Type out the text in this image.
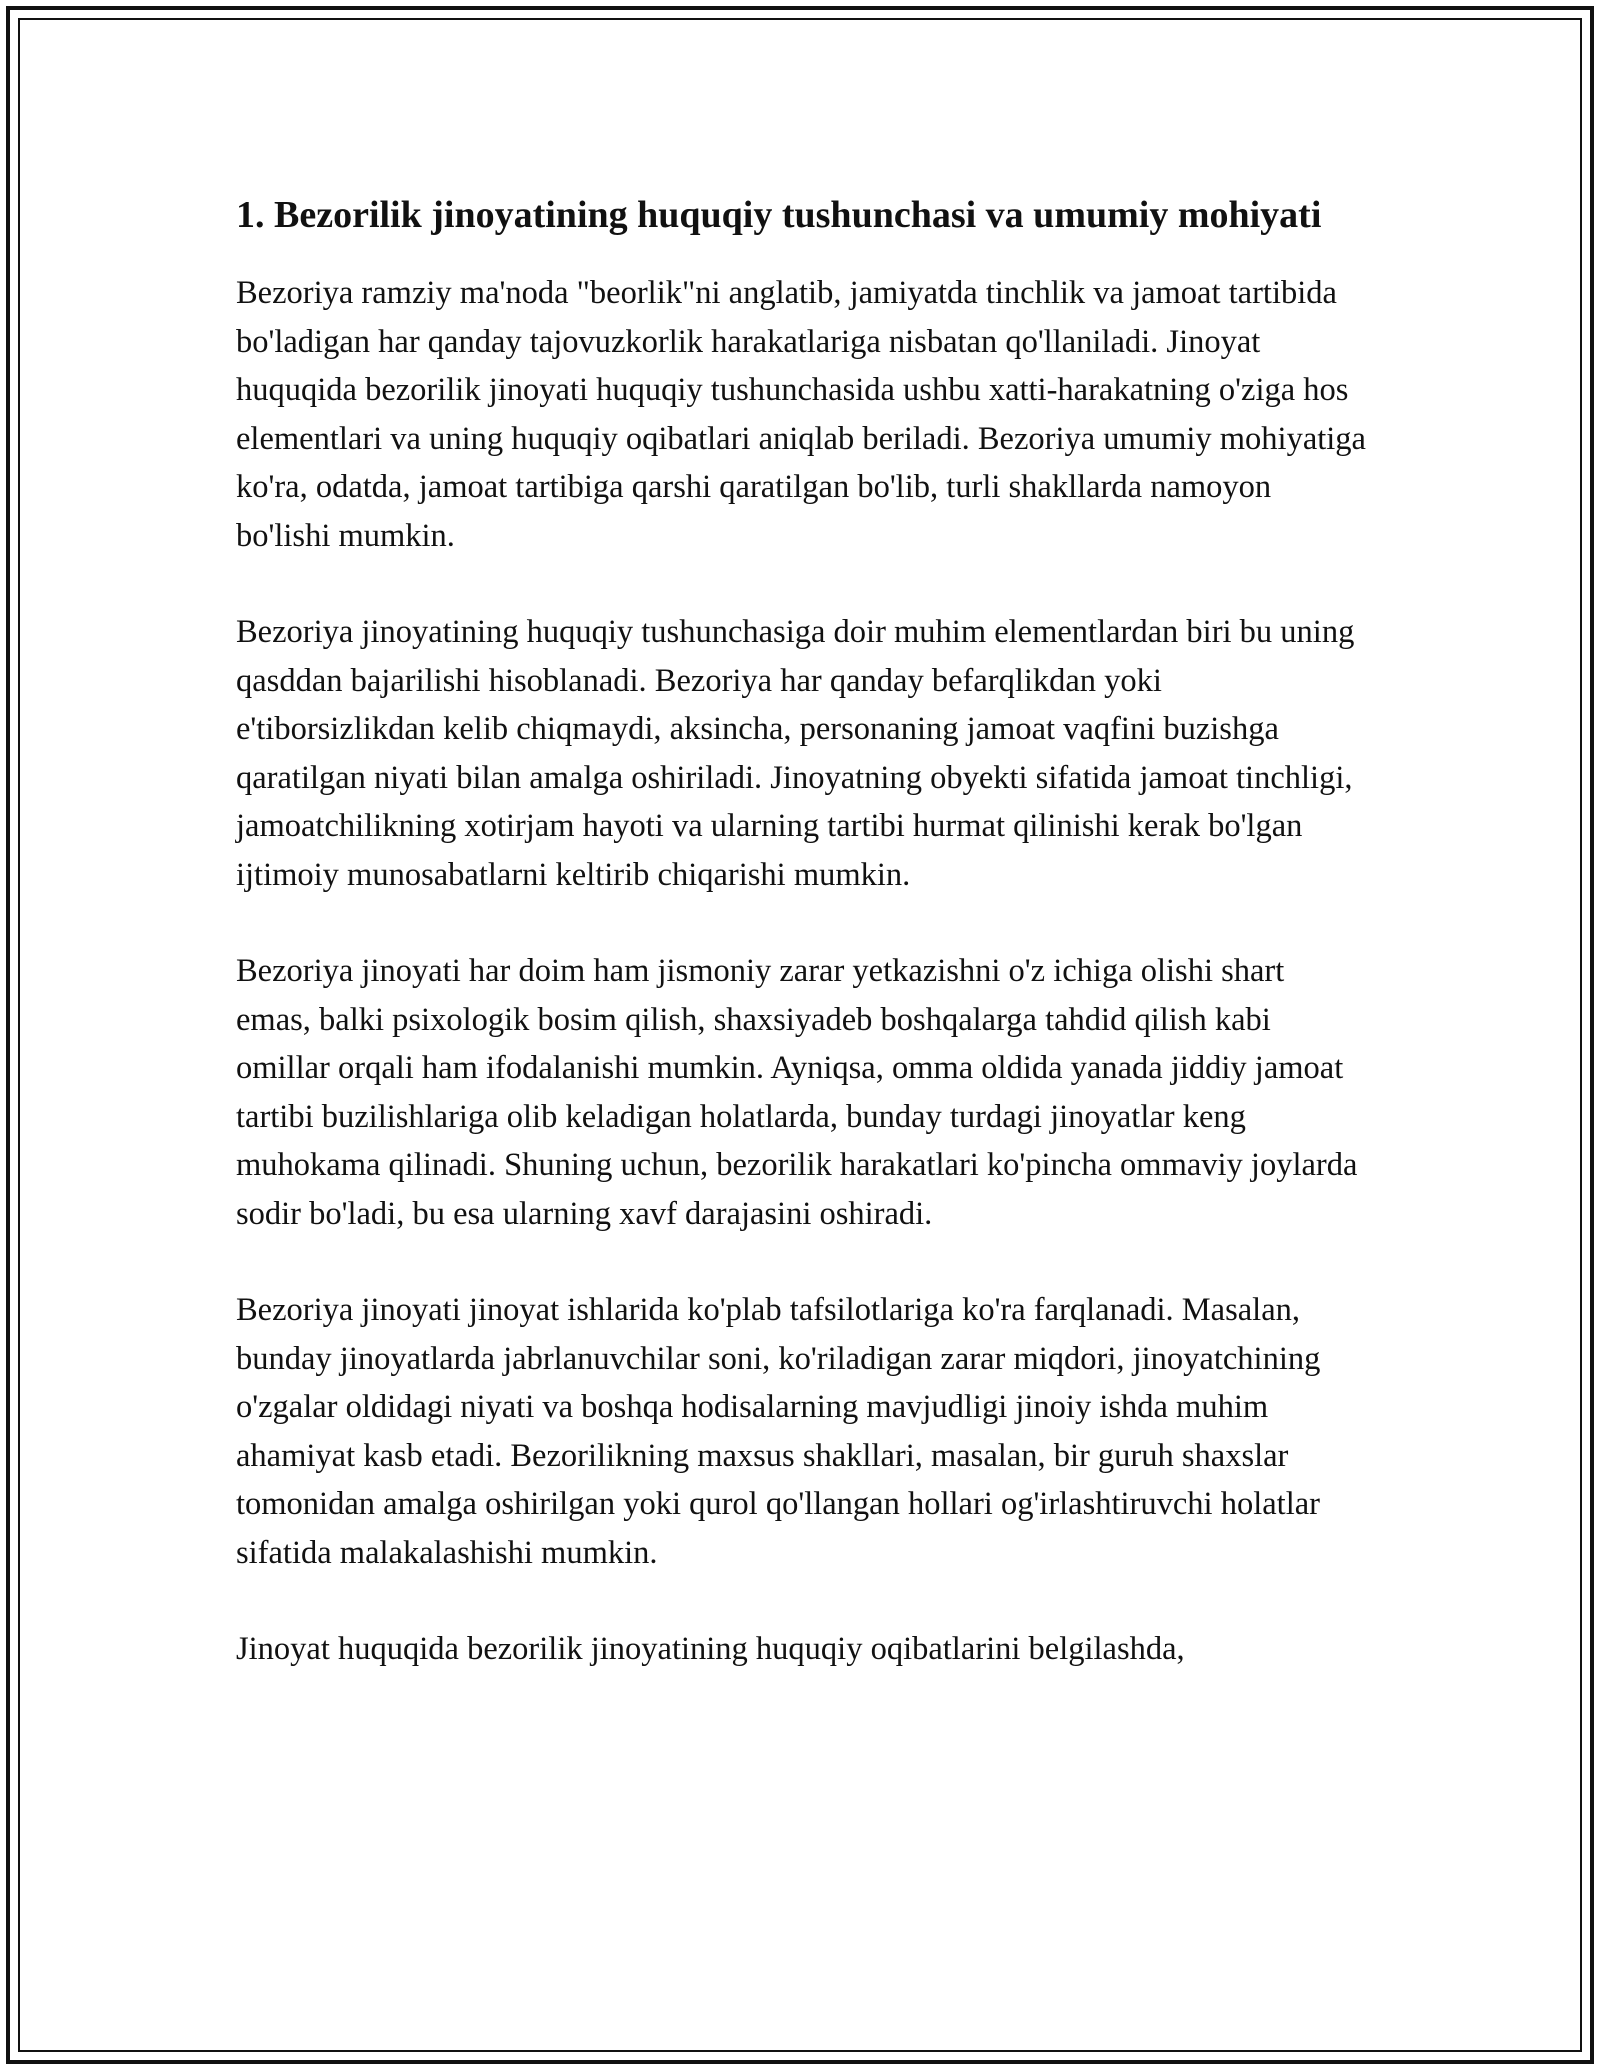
1. Bezorilik jinoyatining huquqiy tushunchasi va umumiy mohiyati

Bezoriya ramziy ma'noda "beorlik"ni anglatib, jamiyatda tinchlik va jamoat tartibida bo'ladigan har qanday tajovuzkorlik harakatlariga nisbatan qo'llaniladi. Jinoyat huquqida bezorilik jinoyati huquqiy tushunchasida ushbu xatti-harakatning o'ziga hos elementlari va uning huquqiy oqibatlari aniqlab beriladi. Bezoriya umumiy mohiyatiga ko'ra, odatda, jamoat tartibiga qarshi qaratilgan bo'lib, turli shakllarda namoyon bo'lishi mumkin.

Bezoriya jinoyatining huquqiy tushunchasiga doir muhim elementlardan biri bu uning qasddan bajarilishi hisoblanadi. Bezoriya har qanday befarqlikdan yoki e'tiborsizlikdan kelib chiqmaydi, aksincha, personaning jamoat vaqfini buzishga qaratilgan niyati bilan amalga oshiriladi. Jinoyatning obyekti sifatida jamoat tinchligi, jamoatchilikning xotirjam hayoti va ularning tartibi hurmat qilinishi kerak bo'lgan ijtimoiy munosabatlarni keltirib chiqarishi mumkin.

Bezoriya jinoyati har doim ham jismoniy zarar yetkazishni o'z ichiga olishi shart emas, balki psixologik bosim qilish, shaxsiyadeb boshqalarga tahdid qilish kabi omillar orqali ham ifodalanishi mumkin. Ayniqsa, omma oldida yanada jiddiy jamoat tartibi buzilishlariga olib keladigan holatlarda, bunday turdagi jinoyatlar keng muhokama qilinadi. Shuning uchun, bezorilik harakatlari ko'pincha ommaviy joylarda sodir bo'ladi, bu esa ularning xavf darajasini oshiradi.

Bezoriya jinoyati jinoyat ishlarida ko'plab tafsilotlariga ko'ra farqlanadi. Masalan, bunday jinoyatlarda jabrlanuvchilar soni, ko'riladigan zarar miqdori, jinoyatchining o'zgalar oldidagi niyati va boshqa hodisalarning mavjudligi jinoiy ishda muhim ahamiyat kasb etadi. Bezorilikning maxsus shakllari, masalan, bir guruh shaxslar tomonidan amalga oshirilgan yoki qurol qo'llangan hollari og'irlashtiruvchi holatlar sifatida malakalashishi mumkin.

Jinoyat huquqida bezorilik jinoyatining huquqiy oqibatlarini belgilashda,
